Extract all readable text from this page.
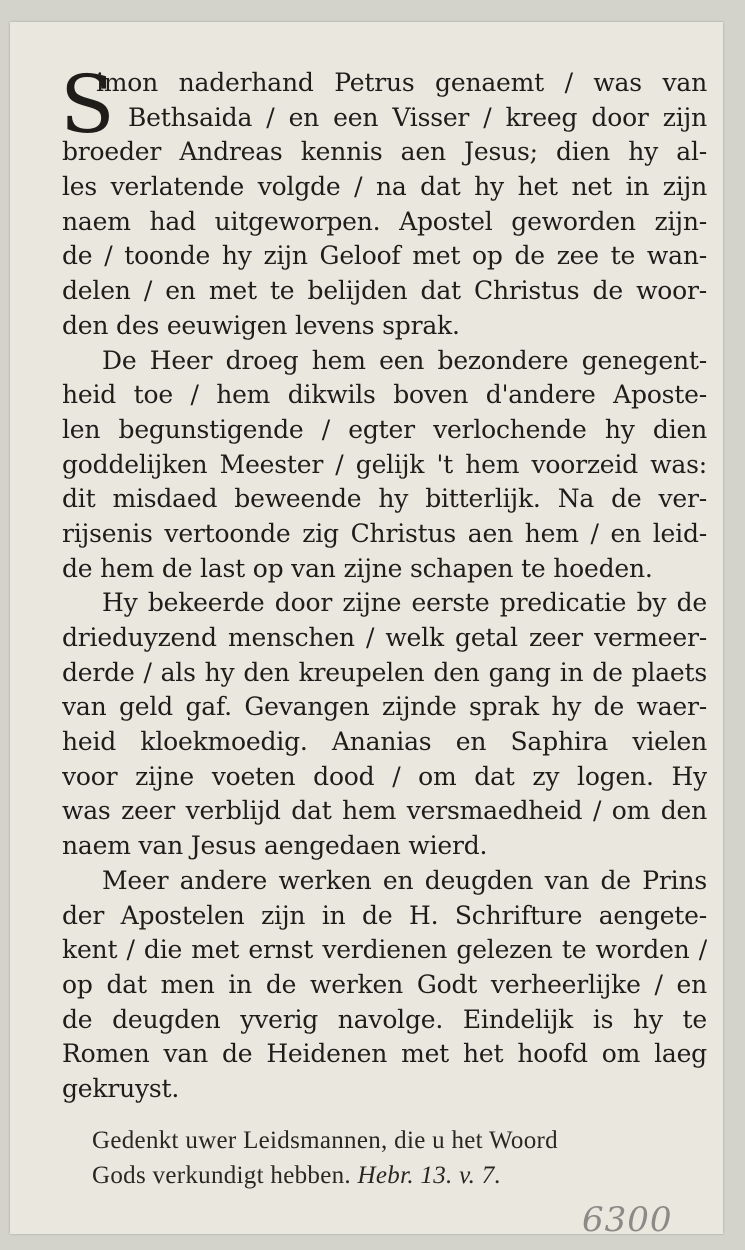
S
imon naderhand Petrus genaemt / was van
Bethsaida / en een Visser / kreeg door zijn
broeder Andreas kennis aen Jesus; dien hy al-
les verlatende volgde / na dat hy het net in zijn
naem had uitgeworpen. Apostel geworden zijn-
de / toonde hy zijn Geloof met op de zee te wan-
delen / en met te belijden dat Christus de woor-
den des eeuwigen levens sprak.
De Heer droeg hem een bezondere genegent-
heid toe / hem dikwils boven d'andere Aposte-
len begunstigende / egter verlochende hy dien
goddelijken Meester / gelijk 't hem voorzeid was:
dit misdaed beweende hy bitterlijk. Na de ver-
rijsenis vertoonde zig Christus aen hem / en leid-
de hem de last op van zijne schapen te hoeden.
Hy bekeerde door zijne eerste predicatie by de
drieduyzend menschen / welk getal zeer vermeer-
derde / als hy den kreupelen den gang in de plaets
van geld gaf. Gevangen zijnde sprak hy de waer-
heid kloekmoedig. Ananias en Saphira vielen
voor zijne voeten dood / om dat zy logen. Hy
was zeer verblijd dat hem versmaedheid / om den
naem van Jesus aengedaen wierd.
Meer andere werken en deugden van de Prins
der Apostelen zijn in de H. Schrifture aengete-
kent / die met ernst verdienen gelezen te worden /
op dat men in de werken Godt verheerlijke / en
de deugden yverig navolge. Eindelijk is hy te
Romen van de Heidenen met het hoofd om laeg
gekruyst.
Gedenkt uwer Leidsmannen, die u het Woord
Gods verkundigt hebben. Hebr. 13. v. 7.
6300
